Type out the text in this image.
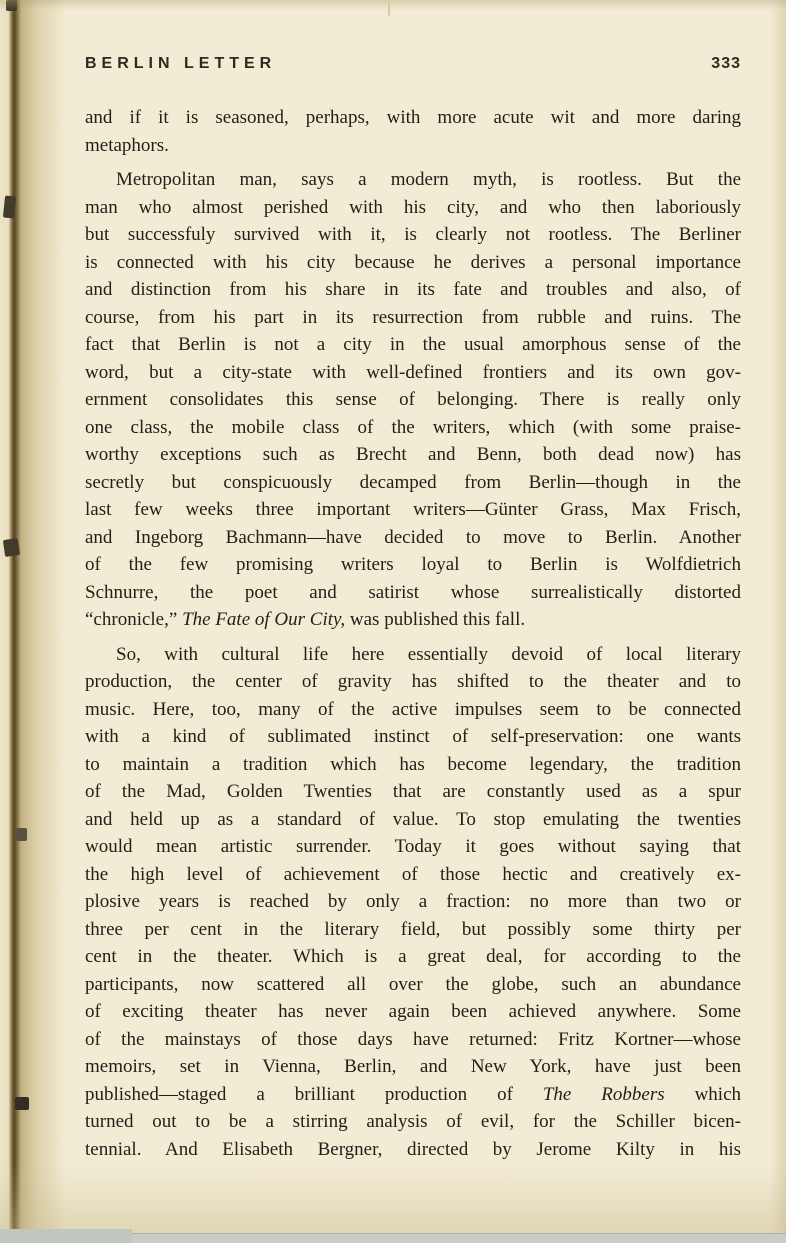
BERLIN LETTER	333
and if it is seasoned, perhaps, with more acute wit and more daring
metaphors.
Metropolitan man, says a modern myth, is rootless. But the
man who almost perished with his city, and who then laboriously
but successfuly survived with it, is clearly not rootless. The Berliner
is connected with his city because he derives a personal importance
and distinction from his share in its fate and troubles and also, of
course, from his part in its resurrection from rubble and ruins. The
fact that Berlin is not a city in the usual amorphous sense of the
word, but a city-state with well-defined frontiers and its own gov-
ernment consolidates this sense of belonging. There is really only
one class, the mobile class of the writers, which (with some praise-
worthy exceptions such as Brecht and Benn, both dead now) has
secretly but conspicuously decamped from Berlin—though in the
last few weeks three important writers—Günter Grass, Max Frisch,
and Ingeborg Bachmann—have decided to move to Berlin. Another
of the few promising writers loyal to Berlin is Wolfdietrich
Schnurre, the poet and satirist whose surrealistically distorted
“chronicle,” The Fate of Our City, was published this fall.
So, with cultural life here essentially devoid of local literary
production, the center of gravity has shifted to the theater and to
music. Here, too, many of the active impulses seem to be connected
with a kind of sublimated instinct of self-preservation: one wants
to maintain a tradition which has become legendary, the tradition
of the Mad, Golden Twenties that are constantly used as a spur
and held up as a standard of value. To stop emulating the twenties
would mean artistic surrender. Today it goes without saying that
the high level of achievement of those hectic and creatively ex-
plosive years is reached by only a fraction: no more than two or
three per cent in the literary field, but possibly some thirty per
cent in the theater. Which is a great deal, for according to the
participants, now scattered all over the globe, such an abundance
of exciting theater has never again been achieved anywhere. Some
of the mainstays of those days have returned: Fritz Kortner—whose
memoirs, set in Vienna, Berlin, and New York, have just been
published—staged a brilliant production of The Robbers which
turned out to be a stirring analysis of evil, for the Schiller bicen-
tennial. And Elisabeth Bergner, directed by Jerome Kilty in his
